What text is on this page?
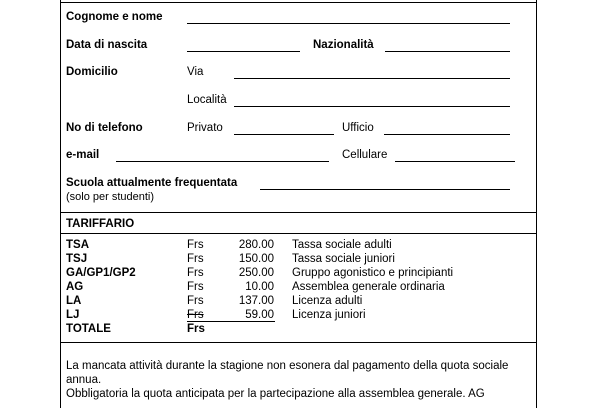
Cognome e nome
Data di nascita	Nazionalità
Domicilio	Via
Località
No di telefono	Privato	Ufficio
e-mail	Cellulare
Scuola attualmente frequentata
(solo per studenti)
TARIFFARIO
TSA	Frs	280.00 Tassa sociale adulti
TSJ	Frs	150.00 Tassa sociale juniori
GA/GP1/GP2	Frs	250.00 Gruppo agonistico e principianti
AG	Frs	10.00 Assemblea generale ordinaria
LA	Frs	137.00 Licenza adulti
LJ	Frs	59.00 Licenza juniori
TOTALE	Frs
La mancata attività durante la stagione non esonera dal pagamento della quota sociale
annua.
Obbligatoria la quota anticipata per la partecipazione alla assemblea generale. AG
